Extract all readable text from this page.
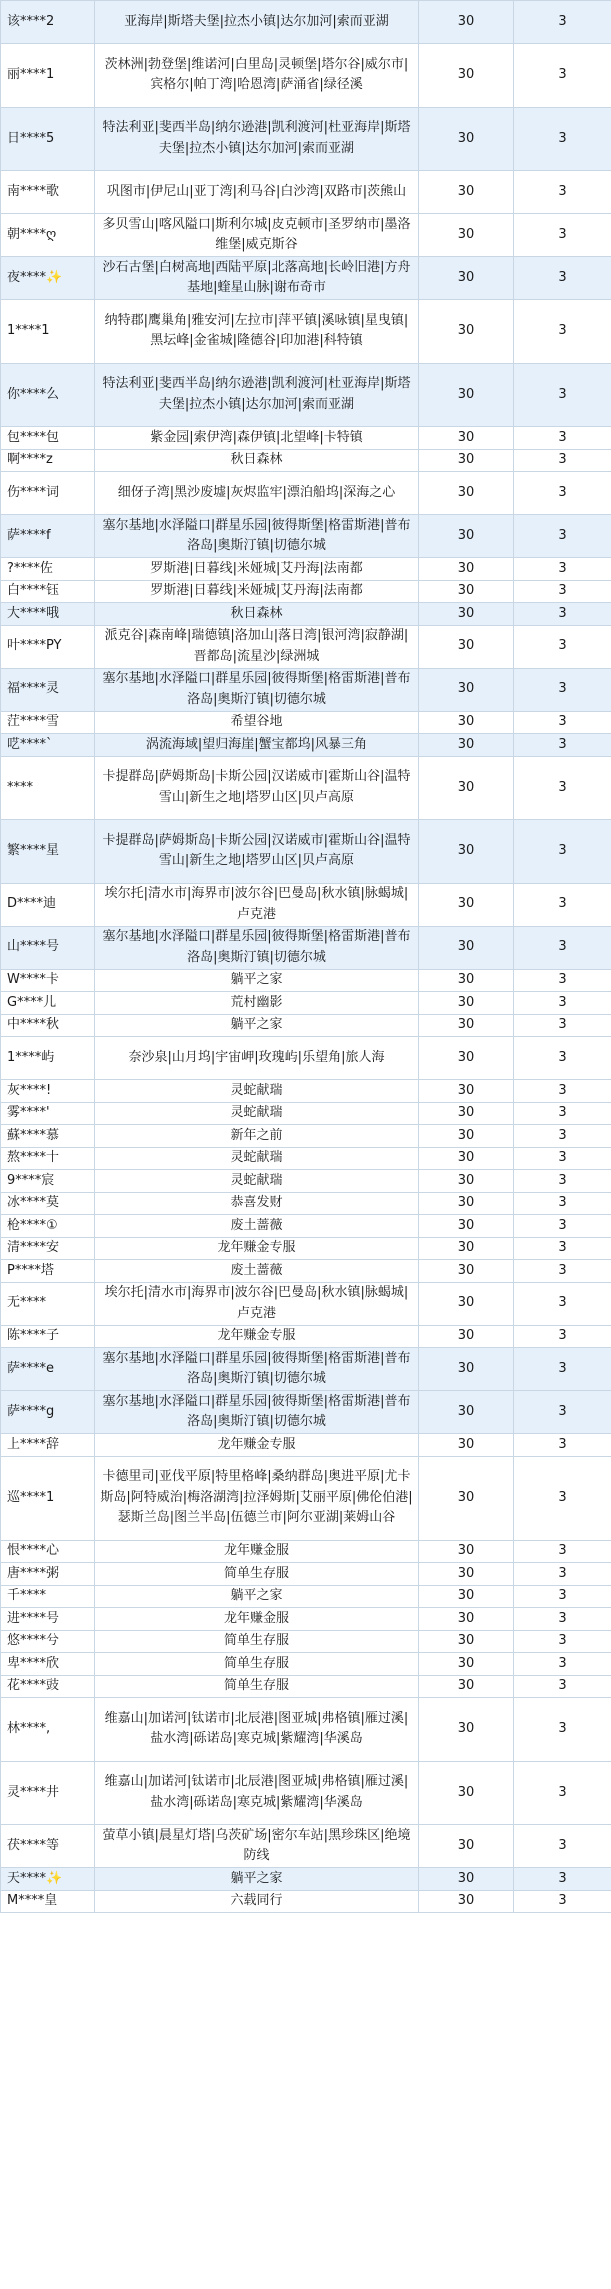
该****2	亚海岸|斯塔夫堡|拉杰小镇|达尔加河|索而亚湖	30	3
丽****1	茨林洲|勃登堡|维诺河|白里岛|灵顿堡|塔尔谷|威尔市|宾格尔|帕丁湾|哈恩湾|萨涌省|绿径溪	30	3
日****5	特法利亚|斐西半岛|纳尔逊港|凯利渡河|杜亚海岸|斯塔夫堡|拉杰小镇|达尔加河|索而亚湖	30	3
南****歌	巩图市|伊尼山|亚丁湾|利马谷|白沙湾|双路市|茨熊山	30	3
朝****ღ	多贝雪山|喀风隘口|斯利尔城|皮克顿市|圣罗纳市|墨洛维堡|威克斯谷	30	3
夜****✨	沙石古堡|白树高地|西陆平原|北落高地|长岭旧港|方舟基地|蝰星山脉|谢布奇市	30	3
1****1	纳特郡|鹰巢角|雅安河|左拉市|萍平镇|溪咏镇|星曳镇|黑坛峰|金雀城|隆德谷|印加港|科特镇	30	3
你****么	特法利亚|斐西半岛|纳尔逊港|凯利渡河|杜亚海岸|斯塔夫堡|拉杰小镇|达尔加河|索而亚湖	30	3
包****包	紫金园|索伊湾|森伊镇|北望峰|卡特镇	30	3
啊****z	秋日森林	30	3
伤****词	细伢子湾|黑沙废墟|灰烬监牢|漂泊船坞|深海之心	30	3
萨****f	塞尔基地|水泽隘口|群星乐园|彼得斯堡|格雷斯港|普布洛岛|奥斯汀镇|切德尔城	30	3
?****佐	罗斯港|日暮线|米娅城|艾丹海|法南都	30	3
白****钰	罗斯港|日暮线|米娅城|艾丹海|法南都	30	3
大****哦	秋日森林	30	3
叶****PY	派克谷|森南峰|瑞德镇|洛加山|落日湾|银河湾|寂静湖|晋都岛|流星沙|绿洲城	30	3
福****灵	塞尔基地|水泽隘口|群星乐园|彼得斯堡|格雷斯港|普布洛岛|奥斯汀镇|切德尔城	30	3
茳****雪	希望谷地	30	3
呓****`	涡流海域|望归海崖|蟹宝都坞|风暴三角	30	3
****	卡提群岛|萨姆斯岛|卡斯公园|汉诺威市|霍斯山谷|温特雪山|新生之地|塔罗山区|贝卢高原	30	3
繁****星	卡提群岛|萨姆斯岛|卡斯公园|汉诺威市|霍斯山谷|温特雪山|新生之地|塔罗山区|贝卢高原	30	3
D****迪	埃尔托|清水市|海界市|波尔谷|巴曼岛|秋水镇|脉蝎城|卢克港	30	3
山****号	塞尔基地|水泽隘口|群星乐园|彼得斯堡|格雷斯港|普布洛岛|奥斯汀镇|切德尔城	30	3
W****卡	躺平之家	30	3
G****儿	荒村幽影	30	3
中****秋	躺平之家	30	3
1****屿	奈沙泉|山月坞|宇宙岬|玫瑰屿|乐望角|旅人海	30	3
灰****!	灵蛇献瑞	30	3
雾****'	灵蛇献瑞	30	3
蘇****慕	新年之前	30	3
熬****十	灵蛇献瑞	30	3
9****宸	灵蛇献瑞	30	3
冰****莫	恭喜发财	30	3
枪****①	废土蔷薇	30	3
清****安	龙年赚金专服	30	3
P****塔	废土蔷薇	30	3
无****	埃尔托|清水市|海界市|波尔谷|巴曼岛|秋水镇|脉蝎城|卢克港	30	3
陈****子	龙年赚金专服	30	3
萨****e	塞尔基地|水泽隘口|群星乐园|彼得斯堡|格雷斯港|普布洛岛|奥斯汀镇|切德尔城	30	3
萨****g	塞尔基地|水泽隘口|群星乐园|彼得斯堡|格雷斯港|普布洛岛|奥斯汀镇|切德尔城	30	3
上****辞	龙年赚金专服	30	3
巡****1	卡德里司|亚伐平原|特里格峰|桑纳群岛|奥进平原|尤卡斯岛|阿特威治|梅洛湖湾|拉泽姆斯|艾丽平原|佛伦伯港|瑟斯兰岛|图兰半岛|伍德兰市|阿尔亚湖|莱姆山谷	30	3
恨****心	龙年赚金服	30	3
唐****粥	简单生存服	30	3
千****	躺平之家	30	3
进****号	龙年赚金服	30	3
悠****兮	简单生存服	30	3
卑****欣	简单生存服	30	3
花****豉	简单生存服	30	3
林****,	维嘉山|加诺河|钛诺市|北辰港|图亚城|弗格镇|雁过溪|盐水湾|砾诺岛|寒克城|紫耀湾|华溪岛	30	3
灵****井	维嘉山|加诺河|钛诺市|北辰港|图亚城|弗格镇|雁过溪|盐水湾|砾诺岛|寒克城|紫耀湾|华溪岛	30	3
茯****等	萤草小镇|晨星灯塔|乌茨矿场|密尔车站|黑珍珠区|绝境防线	30	3
天****✨	躺平之家	30	3
M****皇	六载同行	30	3
